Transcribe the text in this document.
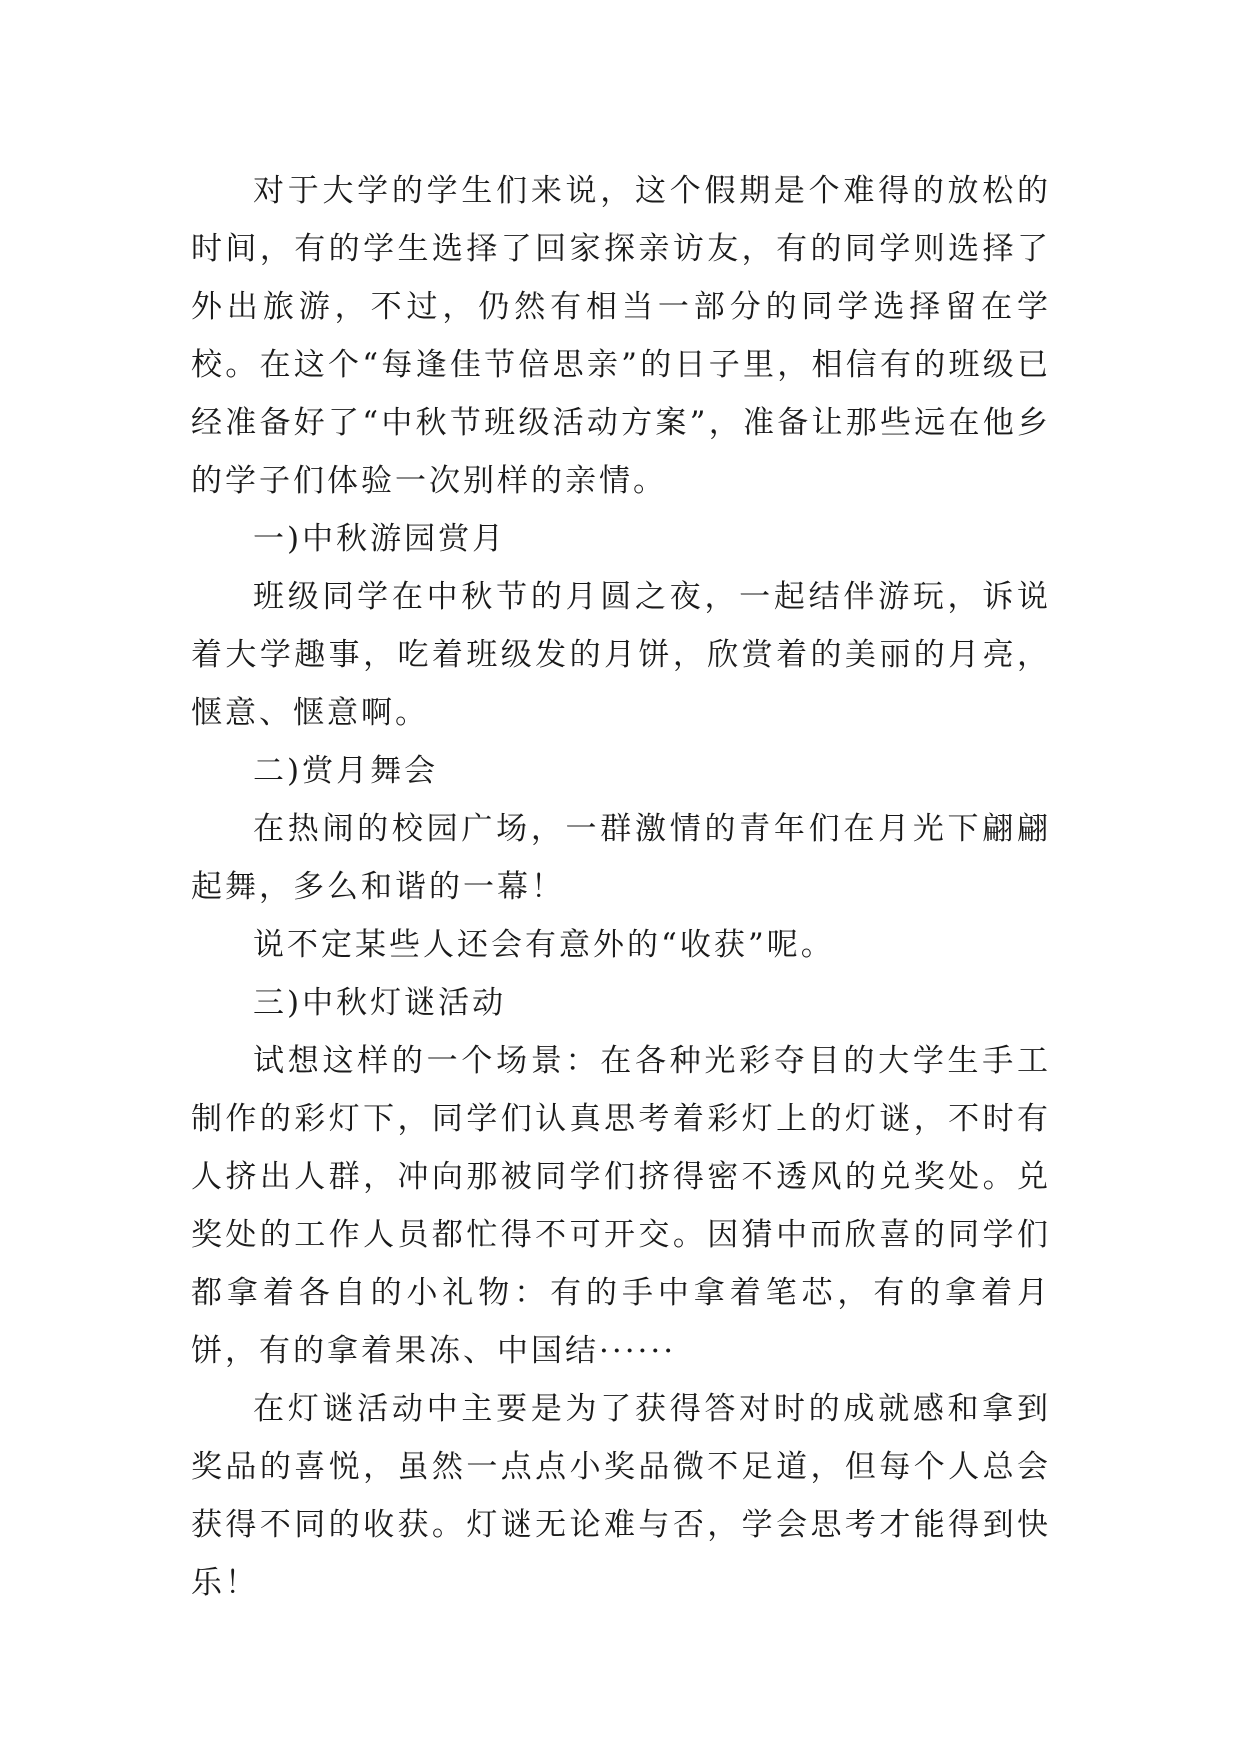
对于大学的学生们来说，这个假期是个难得的放松的时间，有的学生选择了回家探亲访友，有的同学则选择了外出旅游，不过，仍然有相当一部分的同学选择留在学校。在这个“每逢佳节倍思亲”的日子里，相信有的班级已经准备好了“中秋节班级活动方案”，准备让那些远在他乡的学子们体验一次别样的亲情。

一)中秋游园赏月

班级同学在中秋节的月圆之夜，一起结伴游玩，诉说着大学趣事，吃着班级发的月饼，欣赏着的美丽的月亮，惬意、惬意啊。

二)赏月舞会

在热闹的校园广场，一群激情的青年们在月光下翩翩起舞，多么和谐的一幕！

说不定某些人还会有意外的“收获”呢。

三)中秋灯谜活动

试想这样的一个场景：在各种光彩夺目的大学生手工制作的彩灯下，同学们认真思考着彩灯上的灯谜，不时有人挤出人群，冲向那被同学们挤得密不透风的兑奖处。兑奖处的工作人员都忙得不可开交。因猜中而欣喜的同学们都拿着各自的小礼物：有的手中拿着笔芯，有的拿着月饼，有的拿着果冻、中国结······

在灯谜活动中主要是为了获得答对时的成就感和拿到奖品的喜悦，虽然一点点小奖品微不足道，但每个人总会获得不同的收获。灯谜无论难与否，学会思考才能得到快乐！
